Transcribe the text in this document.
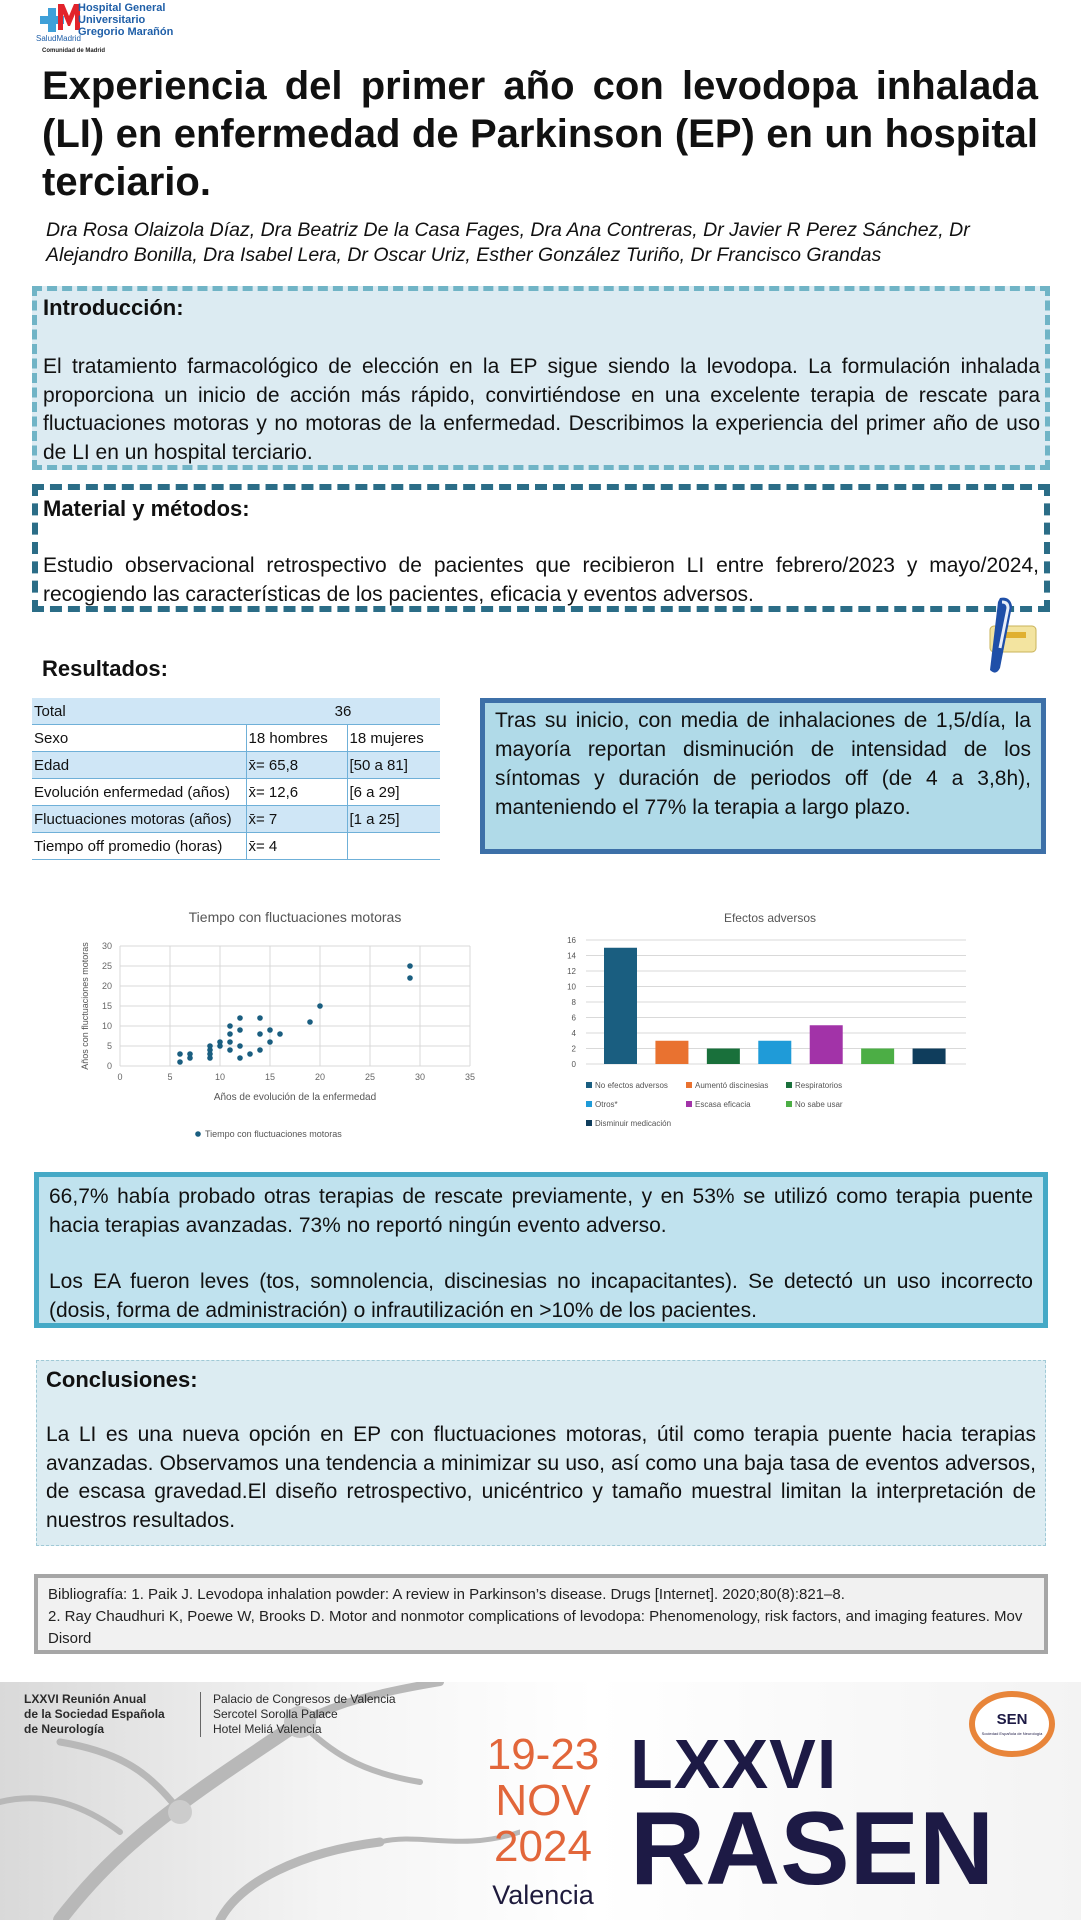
Hospital General
Universitario
Gregorio Marañón
SaludMadrid
Comunidad de Madrid
Experiencia del primer año con levodopa inhalada (LI) en enfermedad de Parkinson (EP) en un hospital terciario.
Dra Rosa Olaizola Díaz, Dra Beatriz De la Casa Fages, Dra Ana Contreras, Dr Javier R Perez Sánchez, Dr Alejandro Bonilla, Dra Isabel Lera, Dr Oscar Uriz, Esther González Turiño, Dr Francisco Grandas
Introducción:
El tratamiento farmacológico de elección en la EP sigue siendo la levodopa. La formulación inhalada proporciona un inicio de acción más rápido, convirtiéndose en una excelente terapia de rescate para fluctuaciones motoras y no motoras de la enfermedad. Describimos la experiencia del primer año de uso de LI en un hospital terciario.
Material y métodos:
Estudio observacional retrospectivo de pacientes que recibieron LI entre febrero/2023 y mayo/2024, recogiendo las características de los pacientes, eficacia y eventos adversos.
Resultados:
Total	36	
Sexo	18 hombres	18 mujeres
Edad	x̄= 65,8	[50 a 81]
Evolución enfermedad (años)	x̄= 12,6	[6 a 29]
Fluctuaciones motoras (años)	x̄= 7	[1 a 25]
Tiempo off promedio (horas)	x̄= 4	
Tras su inicio, con media de inhalaciones de 1,5/día, la mayoría reportan disminución de intensidad de los síntomas y duración de periodos off (de 4 a 3,8h), manteniendo el 77% la terapia a largo plazo.
Tiempo con fluctuaciones motoras
0
5
10
15
20
25
30
0	5	10	15	20	25	30	35
Años de evolución de la enfermedad
Años con fluctuaciones motoras
Tiempo con fluctuaciones motoras
Efectos adversos
0
2
4
6
8
10
12
14
16
No efectos adversos	Aumentó discinesias	Respiratorios
Otros*	Escasa eficacia	No sabe usar
Disminuir medicación
66,7% había probado otras terapias de rescate previamente, y en 53% se utilizó como terapia puente hacia terapias avanzadas. 73% no reportó ningún evento adverso.
Los EA fueron leves (tos, somnolencia, discinesias no incapacitantes). Se detectó un uso incorrecto (dosis, forma de administración) o infrautilización en >10% de los pacientes.
Conclusiones:
La LI es una nueva opción en EP con fluctuaciones motoras, útil como terapia puente hacia terapias avanzadas. Observamos una tendencia a minimizar su uso, así como una baja tasa de eventos adversos, de escasa gravedad.El diseño retrospectivo, unicéntrico y tamaño muestral limitan la interpretación de nuestros resultados.
Bibliografía: 1. Paik J. Levodopa inhalation powder: A review in Parkinson’s disease. Drugs [Internet]. 2020;80(8):821–8.
2. Ray Chaudhuri K, Poewe W, Brooks D. Motor and nonmotor complications of levodopa: Phenomenology, risk factors, and imaging features. Mov Disord
LXXVI Reunión Anual
de la Sociedad Española
de Neurología
Palacio de Congresos de Valencia
Sercotel Sorolla Palace
Hotel Meliá Valencia
19-23
NOV
2024
Valencia
LXXVI
RASEN
SEN
Sociedad Española de Neurología
